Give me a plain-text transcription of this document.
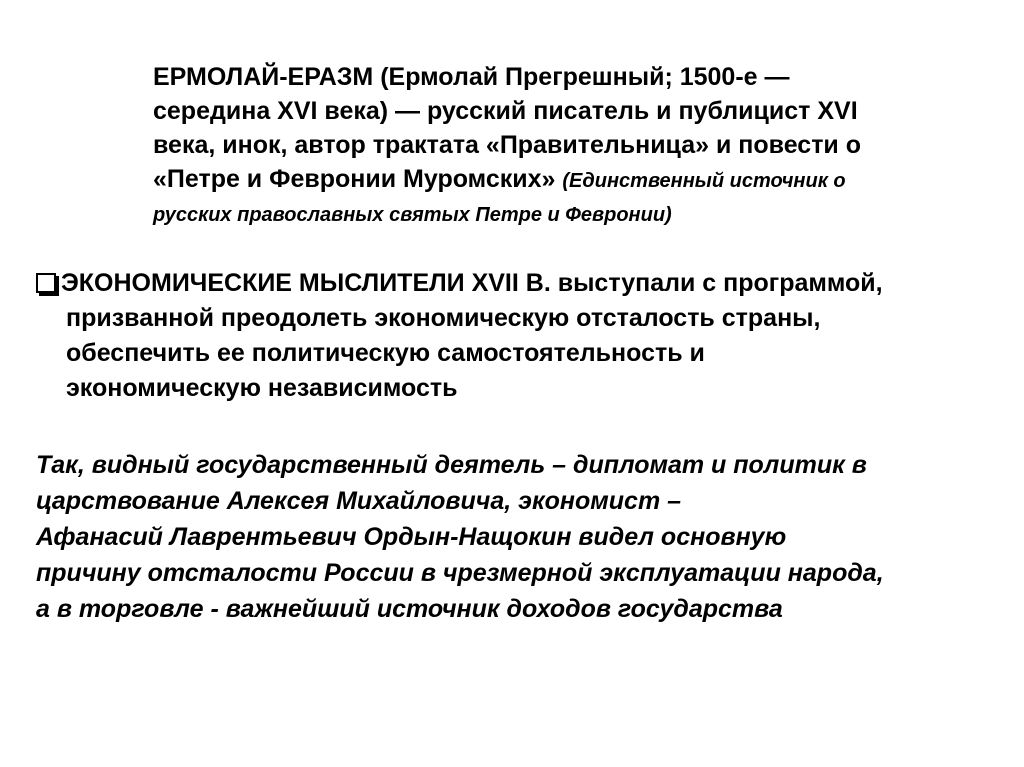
ЕРМОЛАЙ-ЕРАЗМ (Ермолай Прегрешный; 1500-е —
середина XVI века) — русский писатель и публицист XVI
века, инок, автор трактата «Правительница» и повести о
«Петре и Февронии Муромских» (Единственный источник о
русских православных святых Петре и Февронии)
ЭКОНОМИЧЕСКИЕ МЫСЛИТЕЛИ XVII В. выступали с программой,
призванной преодолеть экономическую отсталость страны,
обеспечить ее политическую самостоятельность и
экономическую независимость
Так, видный государственный деятель – дипломат и политик в
царствование Алексея Михайловича, экономист –
Афанасий Лаврентьевич Ордын-Нащокин видел основную
причину отсталости России в чрезмерной эксплуатации народа,
а в торговле - важнейший источник доходов государства
